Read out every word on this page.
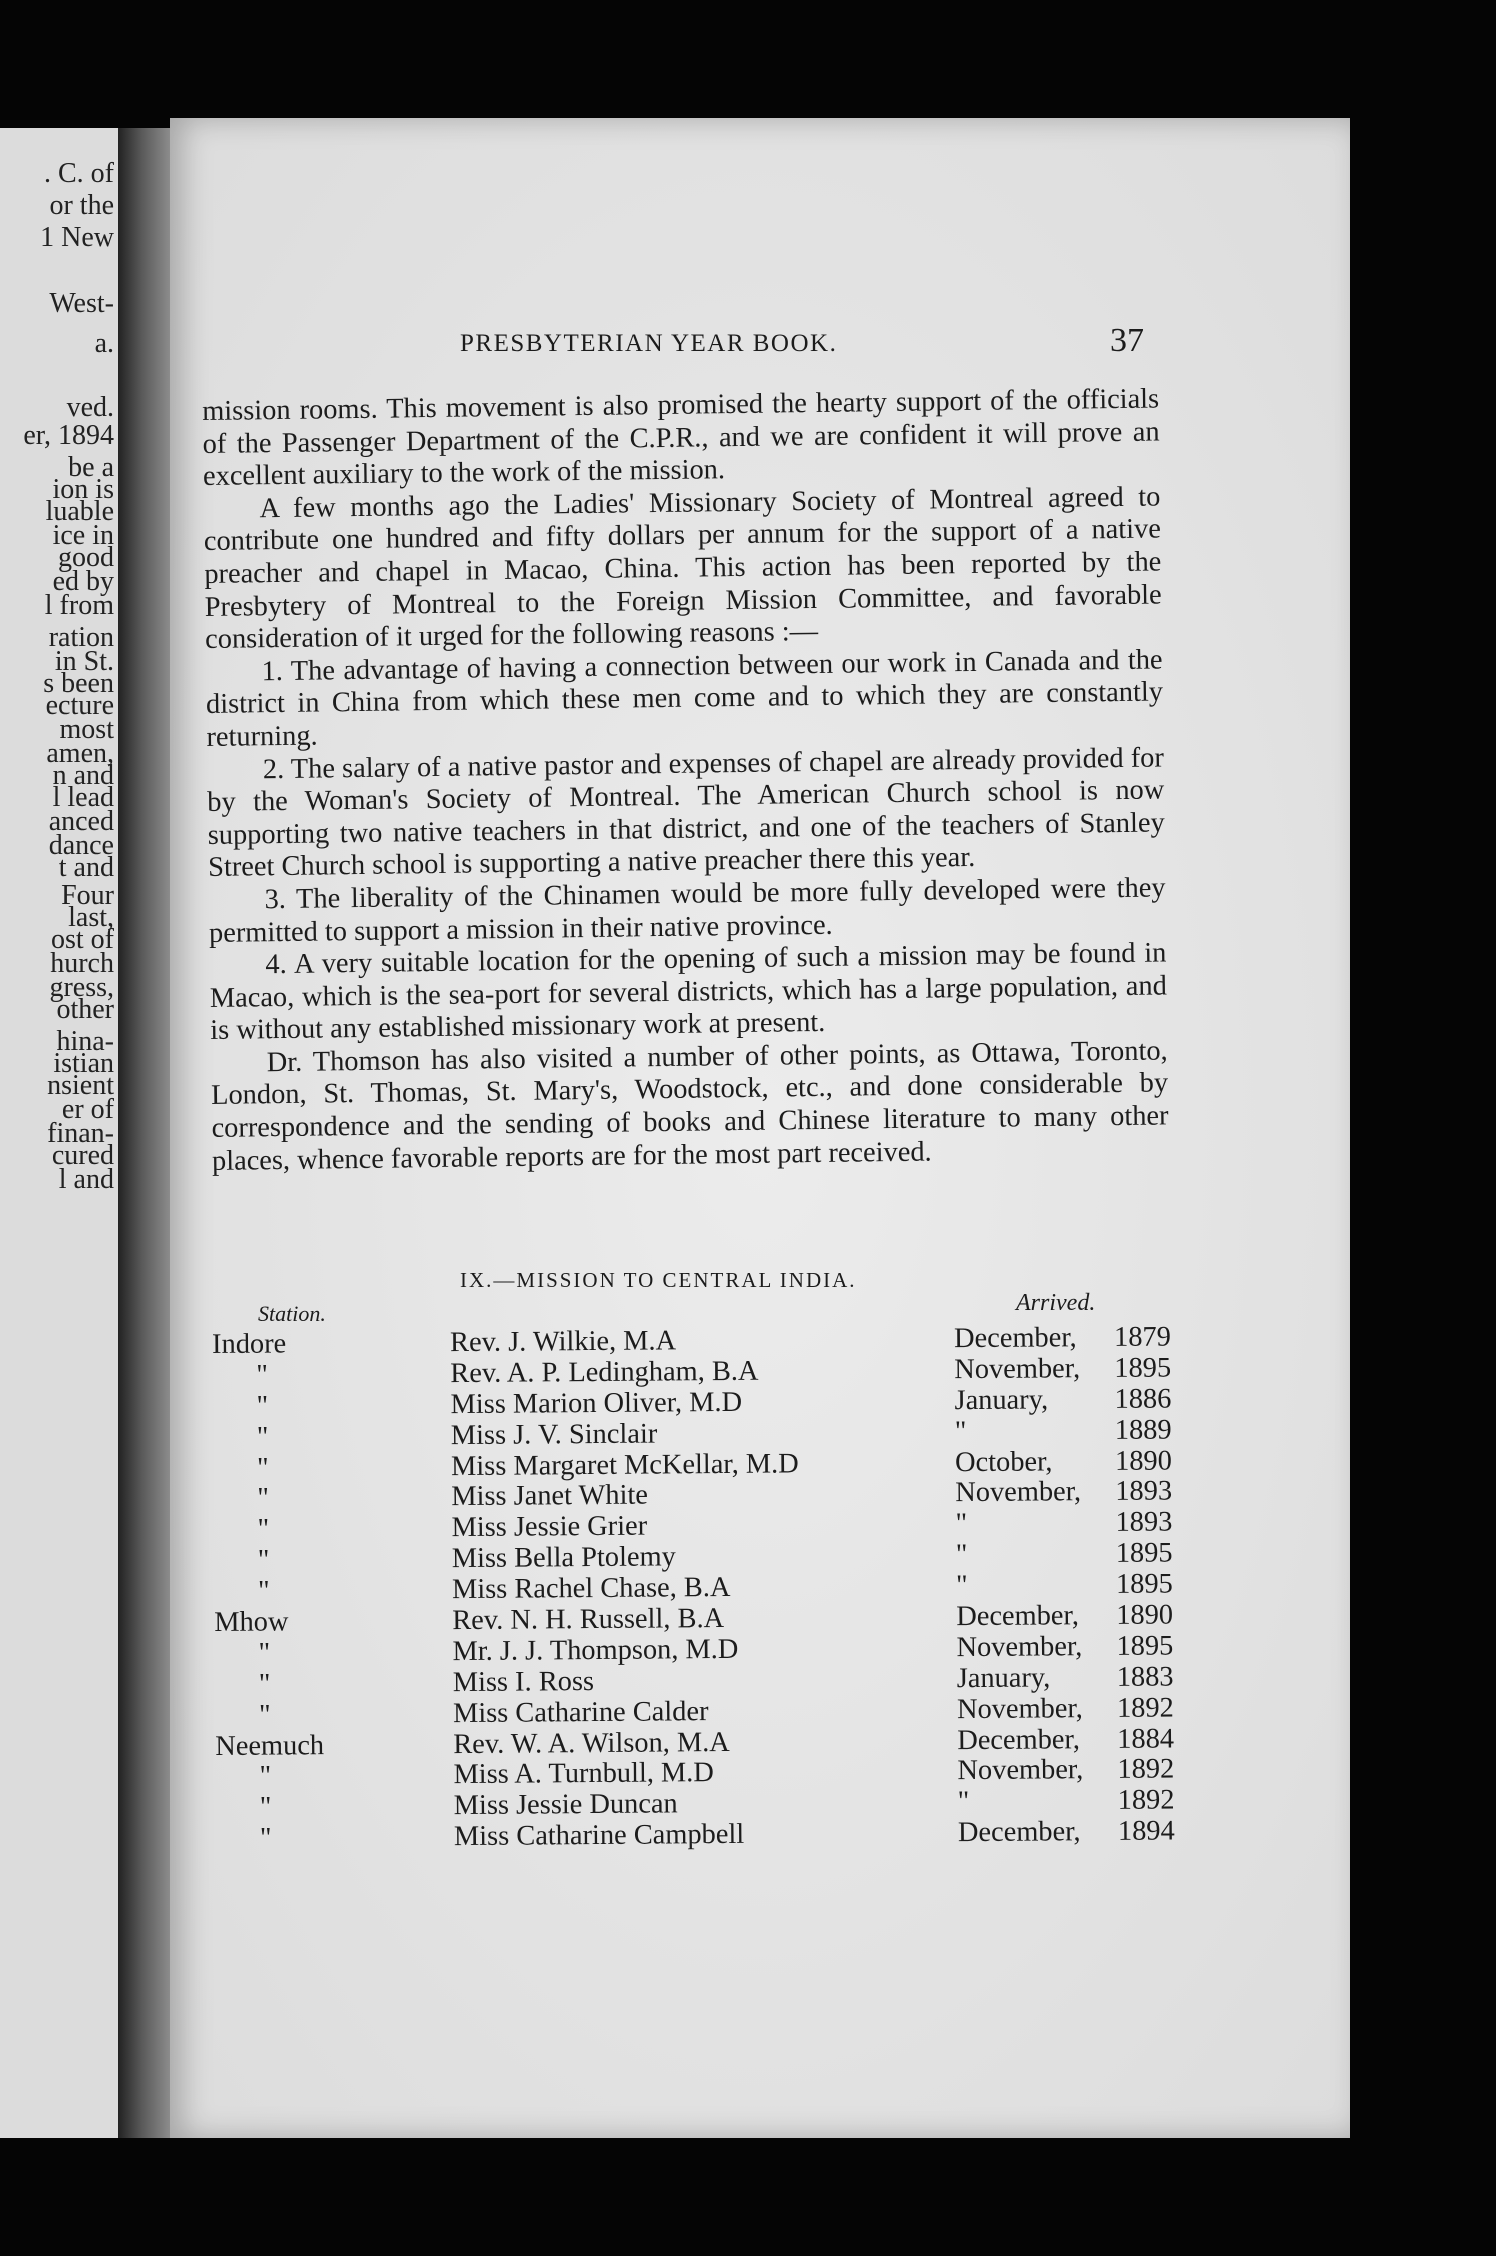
. C. of
or the
1 New
West-
a.
ved.
er, 1894
be a
ion is
luable
ice in
good
ed by
l from
ration
in St.
s been
ecture
most
amen,
n and
l lead
anced
dance
t and
Four
last,
ost of
hurch
gress,
other
hina-
istian
nsient
er of
finan-
cured
l and
PRESBYTERIAN YEAR BOOK.	37

mission rooms. This movement is also promised the hearty support of the officials of the Passenger Department of the C.P.R., and we are confident it will prove an excellent auxiliary to the work of the mission.

A few months ago the Ladies' Missionary Society of Montreal agreed to contribute one hundred and fifty dollars per annum for the support of a native preacher and chapel in Macao, China. This action has been reported by the Presbytery of Montreal to the Foreign Mission Committee, and favorable consideration of it urged for the following reasons :—

1. The advantage of having a connection between our work in Canada and the district in China from which these men come and to which they are constantly returning.

2. The salary of a native pastor and expenses of chapel are already provided for by the Woman's Society of Montreal. The American Church school is now supporting two native teachers in that district, and one of the teachers of Stanley Street Church school is supporting a native preacher there this year.

3. The liberality of the Chinamen would be more fully developed were they permitted to support a mission in their native province.

4. A very suitable location for the opening of such a mission may be found in Macao, which is the sea-port for several districts, which has a large population, and is without any established missionary work at present.

Dr. Thomson has also visited a number of other points, as Ottawa, Toronto, London, St. Thomas, St. Mary's, Woodstock, etc., and done considerable by correspondence and the sending of books and Chinese literature to many other places, whence favorable reports are for the most part received.

IX.—MISSION TO CENTRAL INDIA.
Station.	Arrived.
Indore	Rev. J. Wilkie, M.A	December, 1879
"	Rev. A. P. Ledingham, B.A	November, 1895
"	Miss Marion Oliver, M.D	January, 1886
"	Miss J. V. Sinclair	"	1889
"	Miss Margaret McKellar, M.D	October, 1890
"	Miss Janet White	November, 1893
"	Miss Jessie Grier	"	1893
"	Miss Bella Ptolemy	"	1895
"	Miss Rachel Chase, B.A	"	1895
Mhow	Rev. N. H. Russell, B.A	December, 1890
"	Mr. J. J. Thompson, M.D	November, 1895
"	Miss I. Ross	January, 1883
"	Miss Catharine Calder	November, 1892
Neemuch	Rev. W. A. Wilson, M.A	December, 1884
"	Miss A. Turnbull, M.D	November, 1892
"	Miss Jessie Duncan	"	1892
"	Miss Catharine Campbell	December, 1894
